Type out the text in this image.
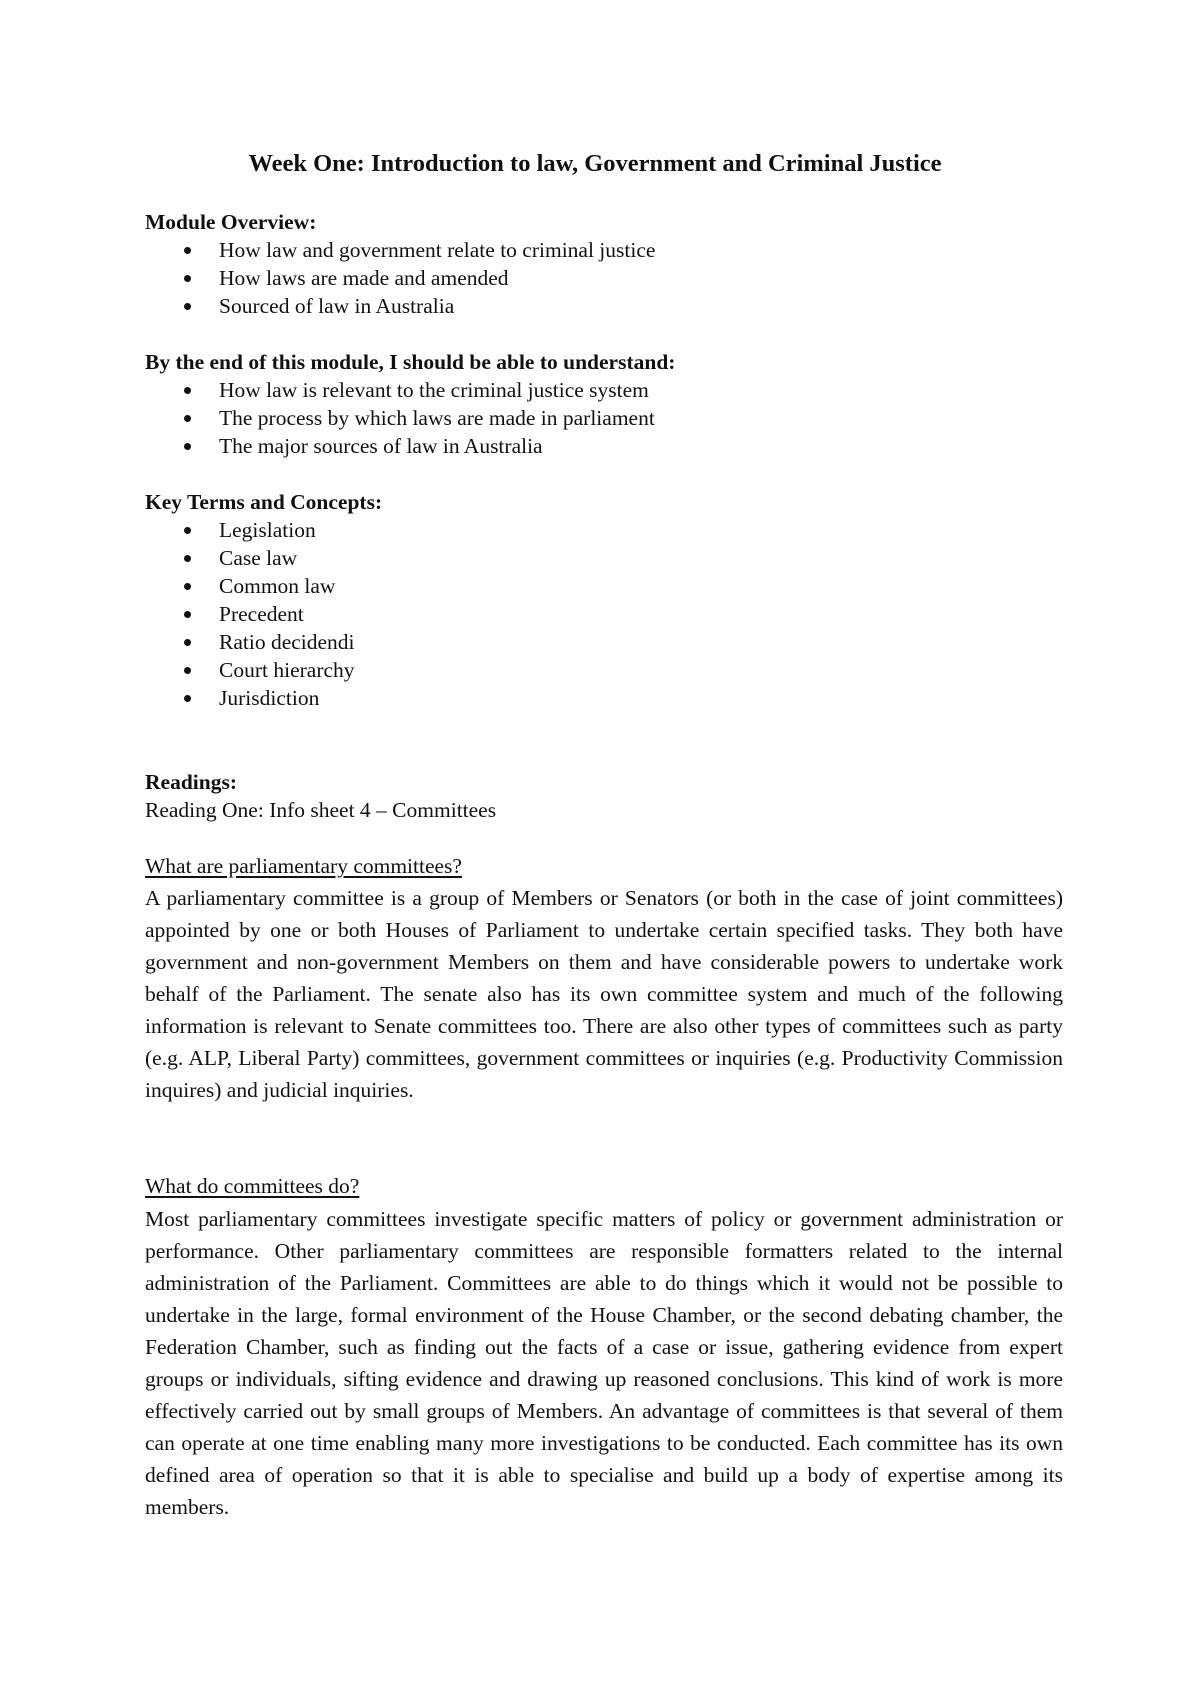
Week One: Introduction to law, Government and Criminal Justice

Module Overview:

How law and government relate to criminal justice
How laws are made and amended
Sourced of law in Australia

By the end of this module, I should be able to understand:

How law is relevant to the criminal justice system
The process by which laws are made in parliament
The major sources of law in Australia

Key Terms and Concepts:

Legislation
Case law
Common law
Precedent
Ratio decidendi
Court hierarchy
Jurisdiction

Readings:

Reading One: Info sheet 4 – Committees

What are parliamentary committees?

A parliamentary committee is a group of Members or Senators (or both in the case of joint committees) appointed by one or both Houses of Parliament to undertake certain specified tasks. They both have government and non-government Members on them and have considerable powers to undertake work behalf of the Parliament. The senate also has its own committee system and much of the following information is relevant to Senate committees too. There are also other types of committees such as party (e.g. ALP, Liberal Party) committees, government committees or inquiries (e.g. Productivity Commission inquires) and judicial inquiries.

What do committees do?

Most parliamentary committees investigate specific matters of policy or government administration or performance. Other parliamentary committees are responsible formatters related to the internal administration of the Parliament. Committees are able to do things which it would not be possible to undertake in the large, formal environment of the House Chamber, or the second debating chamber, the Federation Chamber, such as finding out the facts of a case or issue, gathering evidence from expert groups or individuals, sifting evidence and drawing up reasoned conclusions. This kind of work is more effectively carried out by small groups of Members. An advantage of committees is that several of them can operate at one time enabling many more investigations to be conducted. Each committee has its own defined area of operation so that it is able to specialise and build up a body of expertise among its members.
